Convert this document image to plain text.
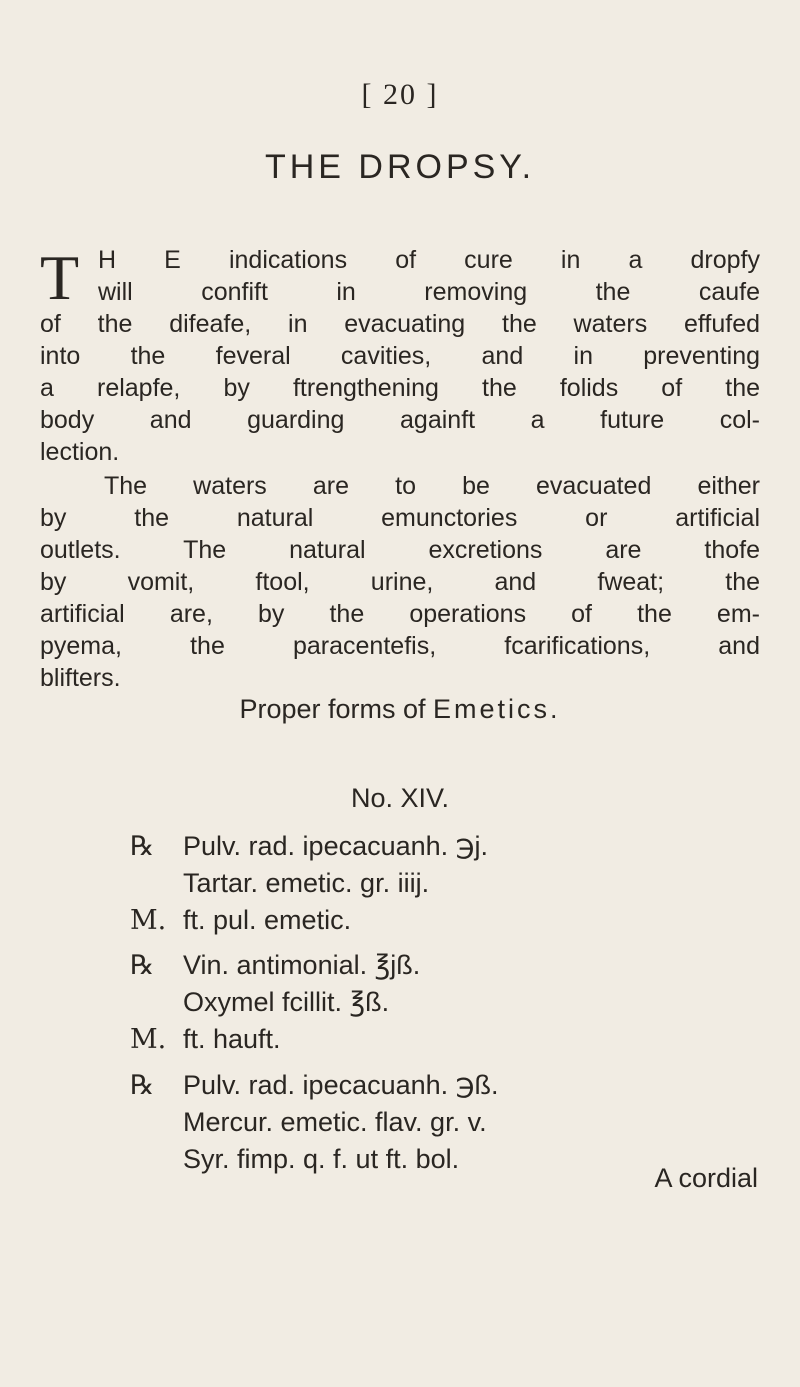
[ 20 ]
THE DROPSY.
T H E indications of cure in a dropfy
will confift in removing the caufe
of the difeafe, in evacuating the waters effufed
into the feveral cavities, and in preventing
a relapfe, by ftrengthening the folids of the
body and guarding againft a future col-
lection.
The waters are to be evacuated either
by the natural emunctories or artificial
outlets. The natural excretions are thofe
by vomit, ftool, urine, and fweat; the
artificial are, by the operations of the em-
pyema, the paracentefis, fcarifications, and
blifters.
Proper forms of Emetics.
No. XIV.
℞ Pulv. rad. ipecacuanh. ℈j.
Tartar. emetic. gr. iiij.
M. ft. pul. emetic.
℞ Vin. antimonial. ℥jß.
Oxymel fcillit. ℥ß.
M. ft. hauft.
℞ Pulv. rad. ipecacuanh. ℈ß.
Mercur. emetic. flav. gr. v.
Syr. fimp. q. f. ut ft. bol.
A cordial
